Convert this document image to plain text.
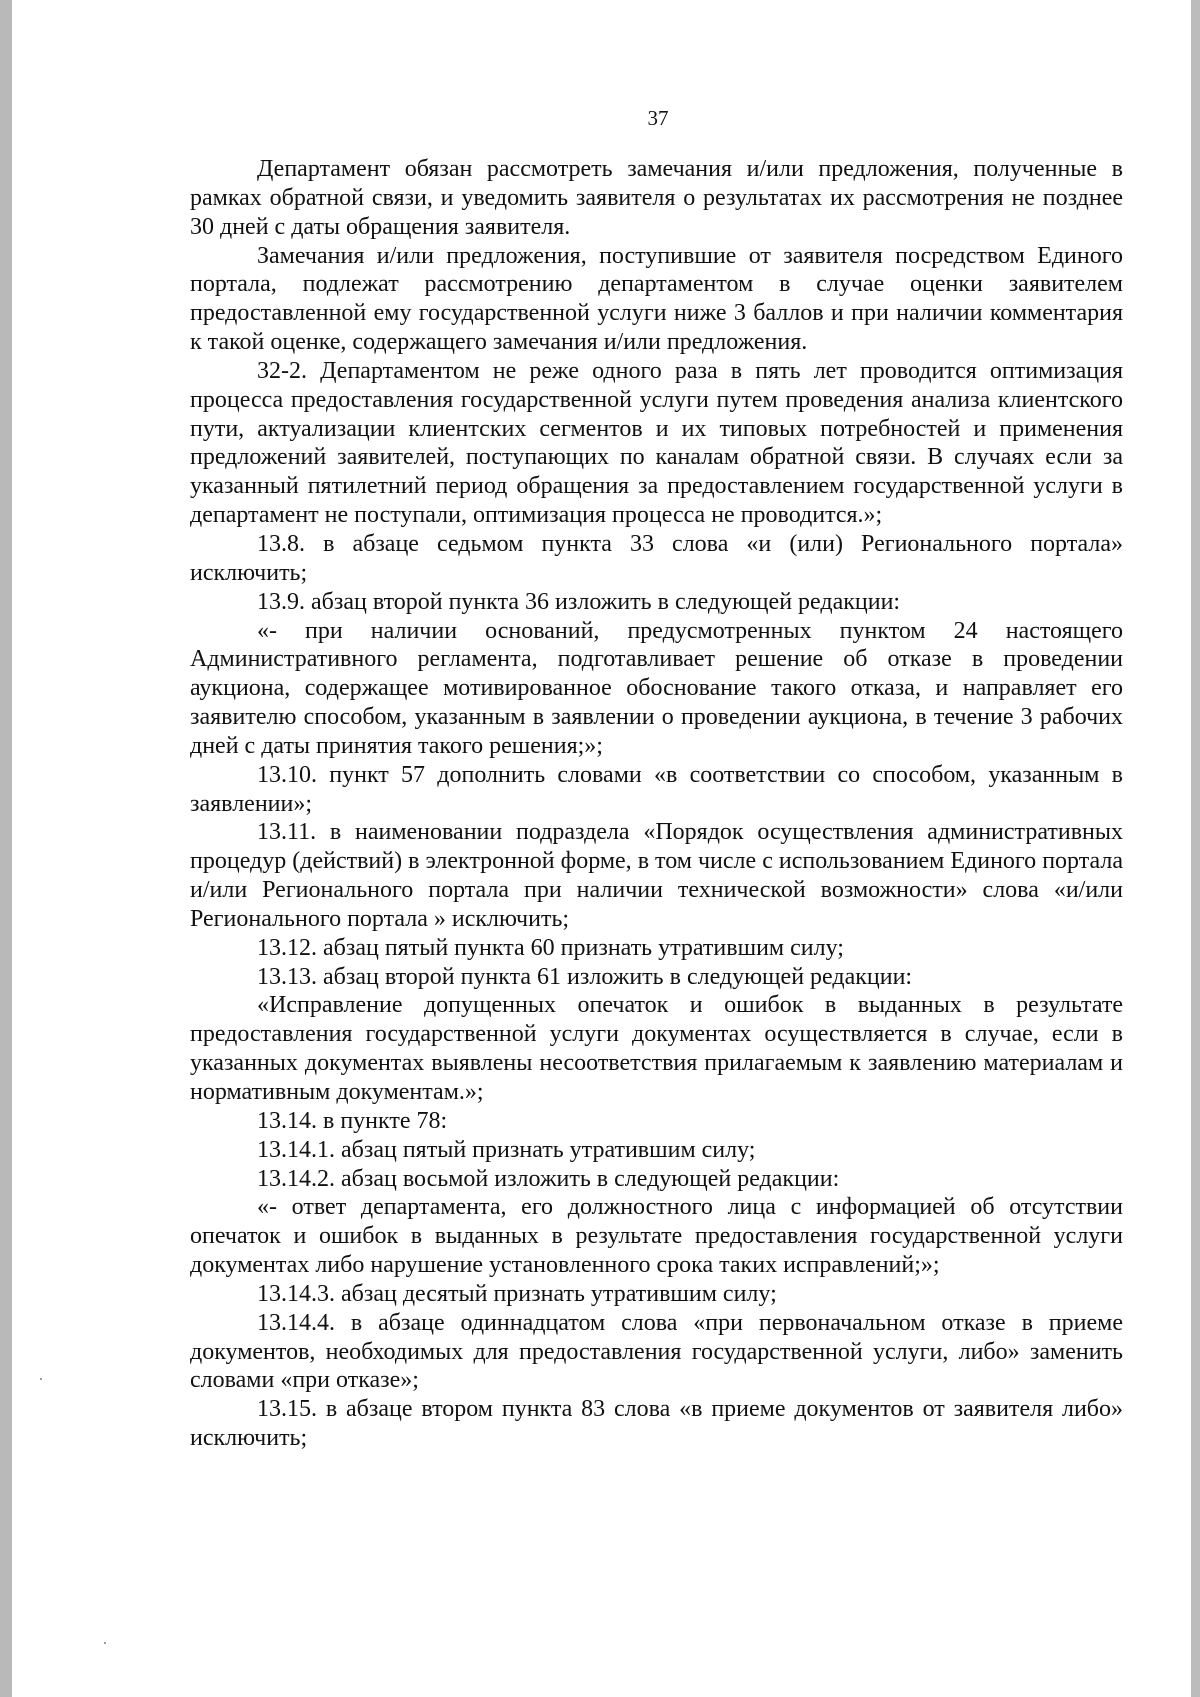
37

Департамент обязан рассмотреть замечания и/или предложения, полученные в рамках обратной связи, и уведомить заявителя о результатах их рассмотрения не позднее 30 дней с даты обращения заявителя.

Замечания и/или предложения, поступившие от заявителя посредством Единого портала, подлежат рассмотрению департаментом в случае оценки заявителем предоставленной ему государственной услуги ниже 3 баллов и при наличии комментария к такой оценке, содержащего замечания и/или предложения.

32-2. Департаментом не реже одного раза в пять лет проводится оптимизация процесса предоставления государственной услуги путем проведения анализа клиентского пути, актуализации клиентских сегментов и их типовых потребностей и применения предложений заявителей, поступающих по каналам обратной связи. В случаях если за указанный пятилетний период обращения за предоставлением государственной услуги в департамент не поступали, оптимизация процесса не проводится.»;

13.8. в абзаце седьмом пункта 33 слова «и (или) Регионального портала» исключить;

13.9. абзац второй пункта 36 изложить в следующей редакции:

«- при наличии оснований, предусмотренных пунктом 24 настоящего Административного регламента, подготавливает решение об отказе в проведении аукциона, содержащее мотивированное обоснование такого отказа, и направляет его заявителю способом, указанным в заявлении о проведении аукциона, в течение 3 рабочих дней с даты принятия такого решения;»;

13.10. пункт 57 дополнить словами «в соответствии со способом, указанным в заявлении»;

13.11. в наименовании подраздела «Порядок осуществления административных процедур (действий) в электронной форме, в том числе с использованием Единого портала и/или Регионального портала при наличии технической возможности» слова «и/или Регионального портала » исключить;

13.12. абзац пятый пункта 60 признать утратившим силу;

13.13. абзац второй пункта 61 изложить в следующей редакции:

«Исправление допущенных опечаток и ошибок в выданных в результате предоставления государственной услуги документах осуществляется в случае, если в указанных документах выявлены несоответствия прилагаемым к заявлению материалам и нормативным документам.»;

13.14. в пункте 78:

13.14.1. абзац пятый признать утратившим силу;

13.14.2. абзац восьмой изложить в следующей редакции:

«- ответ департамента, его должностного лица с информацией об отсутствии опечаток и ошибок в выданных в результате предоставления государственной услуги документах либо нарушение установленного срока таких исправлений;»;

13.14.3. абзац десятый признать утратившим силу;

13.14.4. в абзаце одиннадцатом слова «при первоначальном отказе в приеме документов, необходимых для предоставления государственной услуги, либо» заменить словами «при отказе»;

13.15. в абзаце втором пункта 83 слова «в приеме документов от заявителя либо» исключить;
